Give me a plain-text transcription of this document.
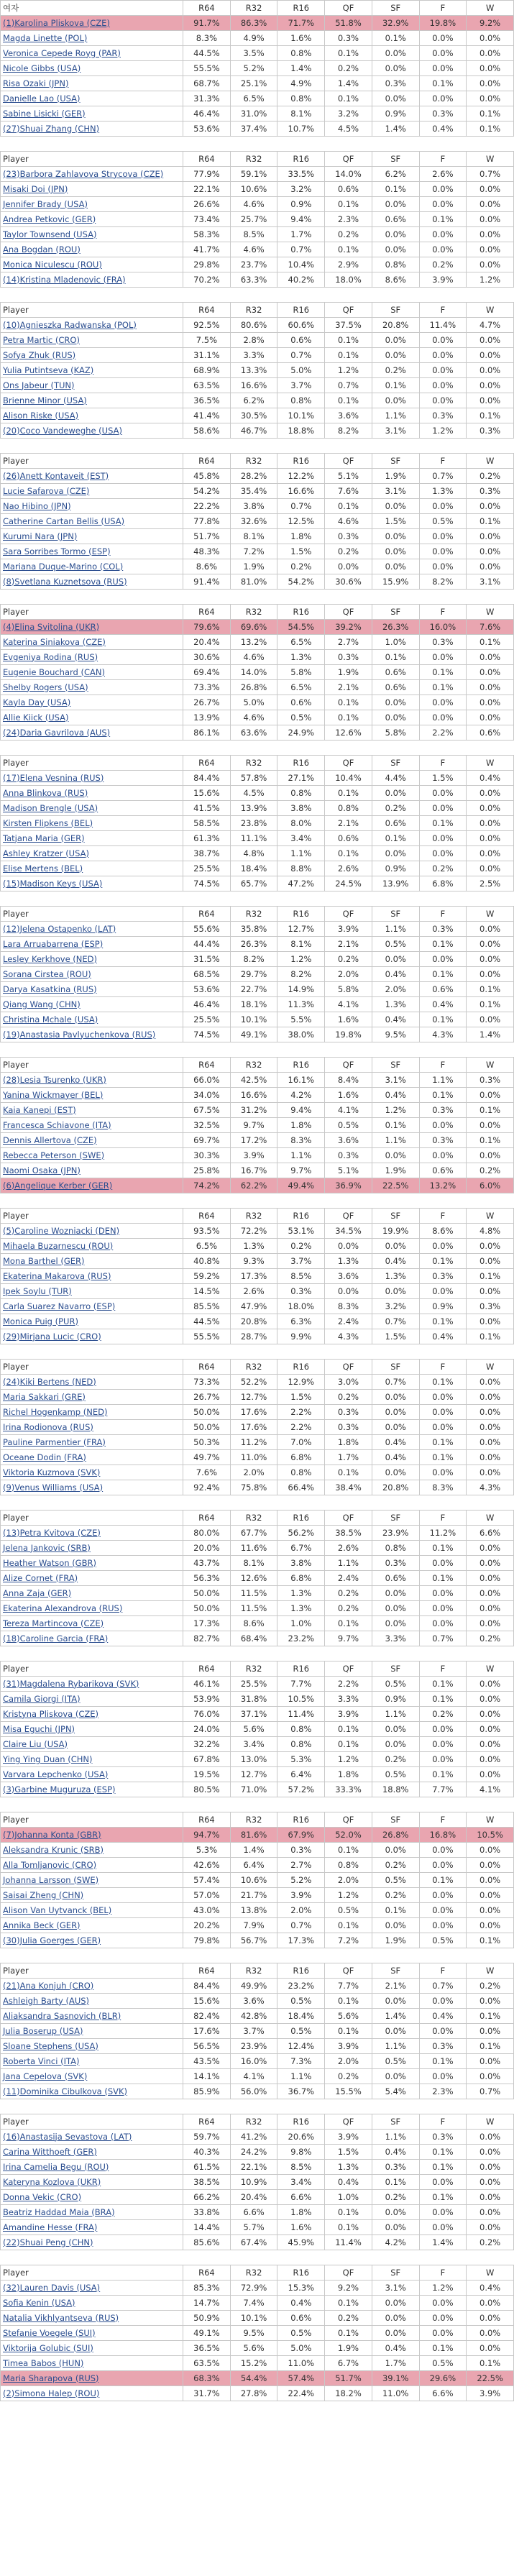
여자	R64	R32	R16	QF	SF	F	W
(1)Karolina Pliskova (CZE)	91.7%	86.3%	71.7%	51.8%	32.9%	19.8%	9.2%
Magda Linette (POL)	8.3%	4.9%	1.6%	0.3%	0.1%	0.0%	0.0%
Veronica Cepede Royg (PAR)	44.5%	3.5%	0.8%	0.1%	0.0%	0.0%	0.0%
Nicole Gibbs (USA)	55.5%	5.2%	1.4%	0.2%	0.0%	0.0%	0.0%
Risa Ozaki (JPN)	68.7%	25.1%	4.9%	1.4%	0.3%	0.1%	0.0%
Danielle Lao (USA)	31.3%	6.5%	0.8%	0.1%	0.0%	0.0%	0.0%
Sabine Lisicki (GER)	46.4%	31.0%	8.1%	3.2%	0.9%	0.3%	0.1%
(27)Shuai Zhang (CHN)	53.6%	37.4%	10.7%	4.5%	1.4%	0.4%	0.1%

Player	R64	R32	R16	QF	SF	F	W
(23)Barbora Zahlavova Strycova (CZE)	77.9%	59.1%	33.5%	14.0%	6.2%	2.6%	0.7%
Misaki Doi (JPN)	22.1%	10.6%	3.2%	0.6%	0.1%	0.0%	0.0%
Jennifer Brady (USA)	26.6%	4.6%	0.9%	0.1%	0.0%	0.0%	0.0%
Andrea Petkovic (GER)	73.4%	25.7%	9.4%	2.3%	0.6%	0.1%	0.0%
Taylor Townsend (USA)	58.3%	8.5%	1.7%	0.2%	0.0%	0.0%	0.0%
Ana Bogdan (ROU)	41.7%	4.6%	0.7%	0.1%	0.0%	0.0%	0.0%
Monica Niculescu (ROU)	29.8%	23.7%	10.4%	2.9%	0.8%	0.2%	0.0%
(14)Kristina Mladenovic (FRA)	70.2%	63.3%	40.2%	18.0%	8.6%	3.9%	1.2%

Player	R64	R32	R16	QF	SF	F	W
(10)Agnieszka Radwanska (POL)	92.5%	80.6%	60.6%	37.5%	20.8%	11.4%	4.7%
Petra Martic (CRO)	7.5%	2.8%	0.6%	0.1%	0.0%	0.0%	0.0%
Sofya Zhuk (RUS)	31.1%	3.3%	0.7%	0.1%	0.0%	0.0%	0.0%
Yulia Putintseva (KAZ)	68.9%	13.3%	5.0%	1.2%	0.2%	0.0%	0.0%
Ons Jabeur (TUN)	63.5%	16.6%	3.7%	0.7%	0.1%	0.0%	0.0%
Brienne Minor (USA)	36.5%	6.2%	0.8%	0.1%	0.0%	0.0%	0.0%
Alison Riske (USA)	41.4%	30.5%	10.1%	3.6%	1.1%	0.3%	0.1%
(20)Coco Vandeweghe (USA)	58.6%	46.7%	18.8%	8.2%	3.1%	1.2%	0.3%

Player	R64	R32	R16	QF	SF	F	W
(26)Anett Kontaveit (EST)	45.8%	28.2%	12.2%	5.1%	1.9%	0.7%	0.2%
Lucie Safarova (CZE)	54.2%	35.4%	16.6%	7.6%	3.1%	1.3%	0.3%
Nao Hibino (JPN)	22.2%	3.8%	0.7%	0.1%	0.0%	0.0%	0.0%
Catherine Cartan Bellis (USA)	77.8%	32.6%	12.5%	4.6%	1.5%	0.5%	0.1%
Kurumi Nara (JPN)	51.7%	8.1%	1.8%	0.3%	0.0%	0.0%	0.0%
Sara Sorribes Tormo (ESP)	48.3%	7.2%	1.5%	0.2%	0.0%	0.0%	0.0%
Mariana Duque-Marino (COL)	8.6%	1.9%	0.2%	0.0%	0.0%	0.0%	0.0%
(8)Svetlana Kuznetsova (RUS)	91.4%	81.0%	54.2%	30.6%	15.9%	8.2%	3.1%

Player	R64	R32	R16	QF	SF	F	W
(4)Elina Svitolina (UKR)	79.6%	69.6%	54.5%	39.2%	26.3%	16.0%	7.6%
Katerina Siniakova (CZE)	20.4%	13.2%	6.5%	2.7%	1.0%	0.3%	0.1%
Evgeniya Rodina (RUS)	30.6%	4.6%	1.3%	0.3%	0.1%	0.0%	0.0%
Eugenie Bouchard (CAN)	69.4%	14.0%	5.8%	1.9%	0.6%	0.1%	0.0%
Shelby Rogers (USA)	73.3%	26.8%	6.5%	2.1%	0.6%	0.1%	0.0%
Kayla Day (USA)	26.7%	5.0%	0.6%	0.1%	0.0%	0.0%	0.0%
Allie Kiick (USA)	13.9%	4.6%	0.5%	0.1%	0.0%	0.0%	0.0%
(24)Daria Gavrilova (AUS)	86.1%	63.6%	24.9%	12.6%	5.8%	2.2%	0.6%

Player	R64	R32	R16	QF	SF	F	W
(17)Elena Vesnina (RUS)	84.4%	57.8%	27.1%	10.4%	4.4%	1.5%	0.4%
Anna Blinkova (RUS)	15.6%	4.5%	0.8%	0.1%	0.0%	0.0%	0.0%
Madison Brengle (USA)	41.5%	13.9%	3.8%	0.8%	0.2%	0.0%	0.0%
Kirsten Flipkens (BEL)	58.5%	23.8%	8.0%	2.1%	0.6%	0.1%	0.0%
Tatjana Maria (GER)	61.3%	11.1%	3.4%	0.6%	0.1%	0.0%	0.0%
Ashley Kratzer (USA)	38.7%	4.8%	1.1%	0.1%	0.0%	0.0%	0.0%
Elise Mertens (BEL)	25.5%	18.4%	8.8%	2.6%	0.9%	0.2%	0.0%
(15)Madison Keys (USA)	74.5%	65.7%	47.2%	24.5%	13.9%	6.8%	2.5%

Player	R64	R32	R16	QF	SF	F	W
(12)Jelena Ostapenko (LAT)	55.6%	35.8%	12.7%	3.9%	1.1%	0.3%	0.0%
Lara Arruabarrena (ESP)	44.4%	26.3%	8.1%	2.1%	0.5%	0.1%	0.0%
Lesley Kerkhove (NED)	31.5%	8.2%	1.2%	0.2%	0.0%	0.0%	0.0%
Sorana Cirstea (ROU)	68.5%	29.7%	8.2%	2.0%	0.4%	0.1%	0.0%
Darya Kasatkina (RUS)	53.6%	22.7%	14.9%	5.8%	2.0%	0.6%	0.1%
Qiang Wang (CHN)	46.4%	18.1%	11.3%	4.1%	1.3%	0.4%	0.1%
Christina Mchale (USA)	25.5%	10.1%	5.5%	1.6%	0.4%	0.1%	0.0%
(19)Anastasia Pavlyuchenkova (RUS)	74.5%	49.1%	38.0%	19.8%	9.5%	4.3%	1.4%

Player	R64	R32	R16	QF	SF	F	W
(28)Lesia Tsurenko (UKR)	66.0%	42.5%	16.1%	8.4%	3.1%	1.1%	0.3%
Yanina Wickmayer (BEL)	34.0%	16.6%	4.2%	1.6%	0.4%	0.1%	0.0%
Kaia Kanepi (EST)	67.5%	31.2%	9.4%	4.1%	1.2%	0.3%	0.1%
Francesca Schiavone (ITA)	32.5%	9.7%	1.8%	0.5%	0.1%	0.0%	0.0%
Dennis Allertova (CZE)	69.7%	17.2%	8.3%	3.6%	1.1%	0.3%	0.1%
Rebecca Peterson (SWE)	30.3%	3.9%	1.1%	0.3%	0.0%	0.0%	0.0%
Naomi Osaka (JPN)	25.8%	16.7%	9.7%	5.1%	1.9%	0.6%	0.2%
(6)Angelique Kerber (GER)	74.2%	62.2%	49.4%	36.9%	22.5%	13.2%	6.0%

Player	R64	R32	R16	QF	SF	F	W
(5)Caroline Wozniacki (DEN)	93.5%	72.2%	53.1%	34.5%	19.9%	8.6%	4.8%
Mihaela Buzarnescu (ROU)	6.5%	1.3%	0.2%	0.0%	0.0%	0.0%	0.0%
Mona Barthel (GER)	40.8%	9.3%	3.7%	1.3%	0.4%	0.1%	0.0%
Ekaterina Makarova (RUS)	59.2%	17.3%	8.5%	3.6%	1.3%	0.3%	0.1%
Ipek Soylu (TUR)	14.5%	2.6%	0.3%	0.0%	0.0%	0.0%	0.0%
Carla Suarez Navarro (ESP)	85.5%	47.9%	18.0%	8.3%	3.2%	0.9%	0.3%
Monica Puig (PUR)	44.5%	20.8%	6.3%	2.4%	0.7%	0.1%	0.0%
(29)Mirjana Lucic (CRO)	55.5%	28.7%	9.9%	4.3%	1.5%	0.4%	0.1%

Player	R64	R32	R16	QF	SF	F	W
(24)Kiki Bertens (NED)	73.3%	52.2%	12.9%	3.0%	0.7%	0.1%	0.0%
Maria Sakkari (GRE)	26.7%	12.7%	1.5%	0.2%	0.0%	0.0%	0.0%
Richel Hogenkamp (NED)	50.0%	17.6%	2.2%	0.3%	0.0%	0.0%	0.0%
Irina Rodionova (RUS)	50.0%	17.6%	2.2%	0.3%	0.0%	0.0%	0.0%
Pauline Parmentier (FRA)	50.3%	11.2%	7.0%	1.8%	0.4%	0.1%	0.0%
Oceane Dodin (FRA)	49.7%	11.0%	6.8%	1.7%	0.4%	0.1%	0.0%
Viktoria Kuzmova (SVK)	7.6%	2.0%	0.8%	0.1%	0.0%	0.0%	0.0%
(9)Venus Williams (USA)	92.4%	75.8%	66.4%	38.4%	20.8%	8.3%	4.3%

Player	R64	R32	R16	QF	SF	F	W
(13)Petra Kvitova (CZE)	80.0%	67.7%	56.2%	38.5%	23.9%	11.2%	6.6%
Jelena Jankovic (SRB)	20.0%	11.6%	6.7%	2.6%	0.8%	0.1%	0.0%
Heather Watson (GBR)	43.7%	8.1%	3.8%	1.1%	0.3%	0.0%	0.0%
Alize Cornet (FRA)	56.3%	12.6%	6.8%	2.4%	0.6%	0.1%	0.0%
Anna Zaja (GER)	50.0%	11.5%	1.3%	0.2%	0.0%	0.0%	0.0%
Ekaterina Alexandrova (RUS)	50.0%	11.5%	1.3%	0.2%	0.0%	0.0%	0.0%
Tereza Martincova (CZE)	17.3%	8.6%	1.0%	0.1%	0.0%	0.0%	0.0%
(18)Caroline Garcia (FRA)	82.7%	68.4%	23.2%	9.7%	3.3%	0.7%	0.2%

Player	R64	R32	R16	QF	SF	F	W
(31)Magdalena Rybarikova (SVK)	46.1%	25.5%	7.7%	2.2%	0.5%	0.1%	0.0%
Camila Giorgi (ITA)	53.9%	31.8%	10.5%	3.3%	0.9%	0.1%	0.0%
Kristyna Pliskova (CZE)	76.0%	37.1%	11.4%	3.9%	1.1%	0.2%	0.0%
Misa Eguchi (JPN)	24.0%	5.6%	0.8%	0.1%	0.0%	0.0%	0.0%
Claire Liu (USA)	32.2%	3.4%	0.8%	0.1%	0.0%	0.0%	0.0%
Ying Ying Duan (CHN)	67.8%	13.0%	5.3%	1.2%	0.2%	0.0%	0.0%
Varvara Lepchenko (USA)	19.5%	12.7%	6.4%	1.8%	0.5%	0.1%	0.0%
(3)Garbine Muguruza (ESP)	80.5%	71.0%	57.2%	33.3%	18.8%	7.7%	4.1%

Player	R64	R32	R16	QF	SF	F	W
(7)Johanna Konta (GBR)	94.7%	81.6%	67.9%	52.0%	26.8%	16.8%	10.5%
Aleksandra Krunic (SRB)	5.3%	1.4%	0.3%	0.1%	0.0%	0.0%	0.0%
Alla Tomljanovic (CRO)	42.6%	6.4%	2.7%	0.8%	0.2%	0.0%	0.0%
Johanna Larsson (SWE)	57.4%	10.6%	5.2%	2.0%	0.5%	0.1%	0.0%
Saisai Zheng (CHN)	57.0%	21.7%	3.9%	1.2%	0.2%	0.0%	0.0%
Alison Van Uytvanck (BEL)	43.0%	13.8%	2.0%	0.5%	0.1%	0.0%	0.0%
Annika Beck (GER)	20.2%	7.9%	0.7%	0.1%	0.0%	0.0%	0.0%
(30)Julia Goerges (GER)	79.8%	56.7%	17.3%	7.2%	1.9%	0.5%	0.1%

Player	R64	R32	R16	QF	SF	F	W
(21)Ana Konjuh (CRO)	84.4%	49.9%	23.2%	7.7%	2.1%	0.7%	0.2%
Ashleigh Barty (AUS)	15.6%	3.6%	0.5%	0.1%	0.0%	0.0%	0.0%
Aliaksandra Sasnovich (BLR)	82.4%	42.8%	18.4%	5.6%	1.4%	0.4%	0.1%
Julia Boserup (USA)	17.6%	3.7%	0.5%	0.1%	0.0%	0.0%	0.0%
Sloane Stephens (USA)	56.5%	23.9%	12.4%	3.9%	1.1%	0.3%	0.1%
Roberta Vinci (ITA)	43.5%	16.0%	7.3%	2.0%	0.5%	0.1%	0.0%
Jana Cepelova (SVK)	14.1%	4.1%	1.1%	0.2%	0.0%	0.0%	0.0%
(11)Dominika Cibulkova (SVK)	85.9%	56.0%	36.7%	15.5%	5.4%	2.3%	0.7%

Player	R64	R32	R16	QF	SF	F	W
(16)Anastasija Sevastova (LAT)	59.7%	41.2%	20.6%	3.9%	1.1%	0.3%	0.0%
Carina Witthoeft (GER)	40.3%	24.2%	9.8%	1.5%	0.4%	0.1%	0.0%
Irina Camelia Begu (ROU)	61.5%	22.1%	8.5%	1.3%	0.3%	0.1%	0.0%
Kateryna Kozlova (UKR)	38.5%	10.9%	3.4%	0.4%	0.1%	0.0%	0.0%
Donna Vekic (CRO)	66.2%	20.4%	6.6%	1.0%	0.2%	0.1%	0.0%
Beatriz Haddad Maia (BRA)	33.8%	6.6%	1.8%	0.1%	0.0%	0.0%	0.0%
Amandine Hesse (FRA)	14.4%	5.7%	1.6%	0.1%	0.0%	0.0%	0.0%
(22)Shuai Peng (CHN)	85.6%	67.4%	45.9%	11.4%	4.2%	1.4%	0.2%

Player	R64	R32	R16	QF	SF	F	W
(32)Lauren Davis (USA)	85.3%	72.9%	15.3%	9.2%	3.1%	1.2%	0.4%
Sofia Kenin (USA)	14.7%	7.4%	0.4%	0.1%	0.0%	0.0%	0.0%
Natalia Vikhlyantseva (RUS)	50.9%	10.1%	0.6%	0.2%	0.0%	0.0%	0.0%
Stefanie Voegele (SUI)	49.1%	9.5%	0.5%	0.1%	0.0%	0.0%	0.0%
Viktorija Golubic (SUI)	36.5%	5.6%	5.0%	1.9%	0.4%	0.1%	0.0%
Timea Babos (HUN)	63.5%	15.2%	11.0%	6.7%	1.7%	0.5%	0.1%
Maria Sharapova (RUS)	68.3%	54.4%	57.4%	51.7%	39.1%	29.6%	22.5%
(2)Simona Halep (ROU)	31.7%	27.8%	22.4%	18.2%	11.0%	6.6%	3.9%
